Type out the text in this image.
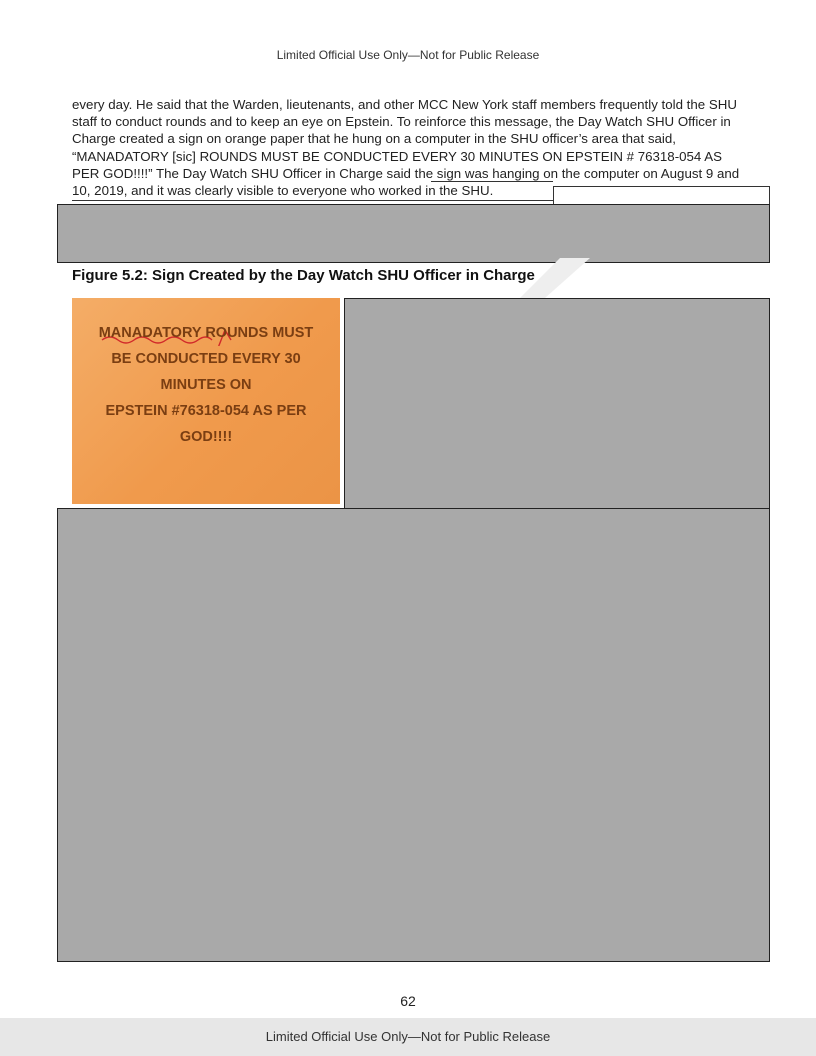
Limited Official Use Only—Not for Public Release

every day. He said that the Warden, lieutenants, and other MCC New York staff members frequently told the SHU staff to conduct rounds and to keep an eye on Epstein. To reinforce this message, the Day Watch SHU Officer in Charge created a sign on orange paper that he hung on a computer in the SHU officer’s area that said, “MANADATORY [sic] ROUNDS MUST BE CONDUCTED EVERY 30 MINUTES ON EPSTEIN # 76318-054 AS PER GOD!!!!” The Day Watch SHU Officer in Charge said the sign was hanging on the computer on August 9 and 10, 2019, and it was clearly visible to everyone who worked in the SHU.

Figure 5.2: Sign Created by the Day Watch SHU Officer in Charge
MANADATORY ROUNDS MUST
BE CONDUCTED EVERY 30
MINUTES ON
EPSTEIN #76318-054 AS PER
GOD!!!!
62
Limited Official Use Only—Not for Public Release
